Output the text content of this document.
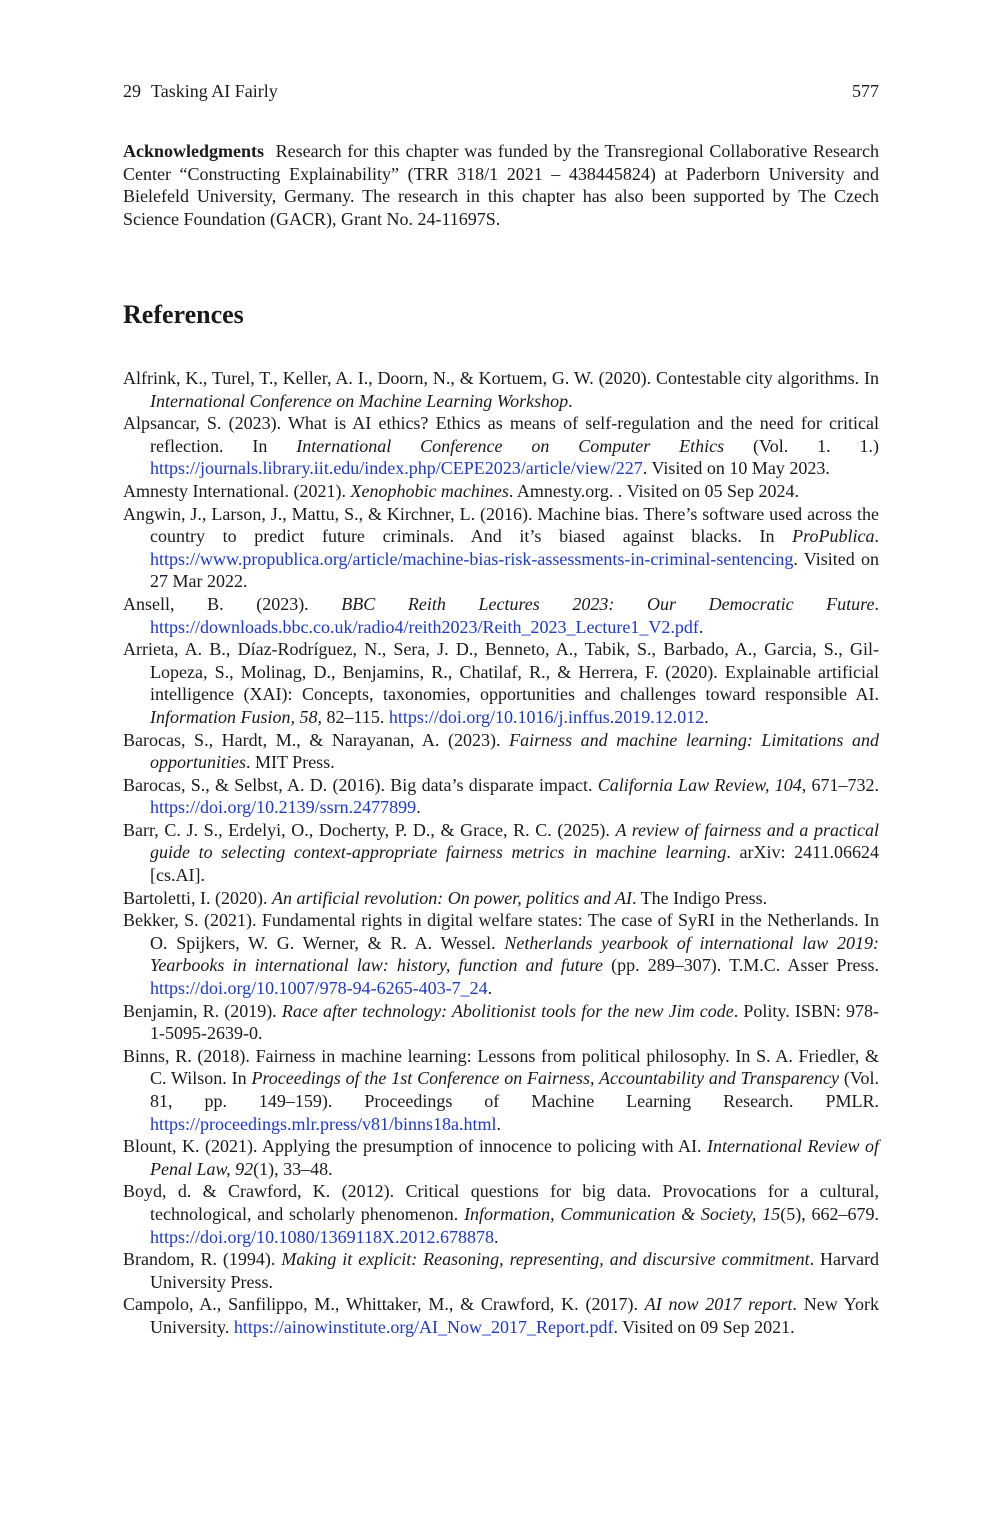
29 Tasking AI Fairly	577
Acknowledgments Research for this chapter was funded by the Transregional Collaborative Research Center “Constructing Explainability” (TRR 318/1 2021 – 438445824) at Paderborn University and Bielefeld University, Germany. The research in this chapter has also been supported by The Czech Science Foundation (GACR), Grant No. 24-11697S.
References
Alfrink, K., Turel, T., Keller, A. I., Doorn, N., & Kortuem, G. W. (2020). Contestable city algorithms. In International Conference on Machine Learning Workshop.
Alpsancar, S. (2023). What is AI ethics? Ethics as means of self-regulation and the need for critical reflection. In International Conference on Computer Ethics (Vol. 1. 1.) https://journals.library.iit.edu/index.php/CEPE2023/article/view/227. Visited on 10 May 2023.
Amnesty International. (2021). Xenophobic machines. Amnesty.org. . Visited on 05 Sep 2024.
Angwin, J., Larson, J., Mattu, S., & Kirchner, L. (2016). Machine bias. There’s software used across the country to predict future criminals. And it’s biased against blacks. In ProPublica. https://www.propublica.org/article/machine-bias-risk-assessments-in-criminal-sentencing. Visited on 27 Mar 2022.
Ansell, B. (2023). BBC Reith Lectures 2023: Our Democratic Future. https://downloads.bbc.co.uk/radio4/reith2023/Reith_2023_Lecture1_V2.pdf.
Arrieta, A. B., Díaz-Rodríguez, N., Sera, J. D., Benneto, A., Tabik, S., Barbado, A., Garcia, S., Gil-Lopeza, S., Molinag, D., Benjamins, R., Chatilaf, R., & Herrera, F. (2020). Explainable artificial intelligence (XAI): Concepts, taxonomies, opportunities and challenges toward responsible AI. Information Fusion, 58, 82–115. https://doi.org/10.1016/j.inffus.2019.12.012.
Barocas, S., Hardt, M., & Narayanan, A. (2023). Fairness and machine learning: Limitations and opportunities. MIT Press.
Barocas, S., & Selbst, A. D. (2016). Big data’s disparate impact. California Law Review, 104, 671–732. https://doi.org/10.2139/ssrn.2477899.
Barr, C. J. S., Erdelyi, O., Docherty, P. D., & Grace, R. C. (2025). A review of fairness and a practical guide to selecting context-appropriate fairness metrics in machine learning. arXiv: 2411.06624 [cs.AI].
Bartoletti, I. (2020). An artificial revolution: On power, politics and AI. The Indigo Press.
Bekker, S. (2021). Fundamental rights in digital welfare states: The case of SyRI in the Netherlands. In O. Spijkers, W. G. Werner, & R. A. Wessel. Netherlands yearbook of international law 2019: Yearbooks in international law: history, function and future (pp. 289–307). T.M.C. Asser Press. https://doi.org/10.1007/978-94-6265-403-7_24.
Benjamin, R. (2019). Race after technology: Abolitionist tools for the new Jim code. Polity. ISBN: 978-1-5095-2639-0.
Binns, R. (2018). Fairness in machine learning: Lessons from political philosophy. In S. A. Friedler, & C. Wilson. In Proceedings of the 1st Conference on Fairness, Accountability and Transparency (Vol. 81, pp. 149–159). Proceedings of Machine Learning Research. PMLR. https://proceedings.mlr.press/v81/binns18a.html.
Blount, K. (2021). Applying the presumption of innocence to policing with AI. International Review of Penal Law, 92(1), 33–48.
Boyd, d. & Crawford, K. (2012). Critical questions for big data. Provocations for a cultural, technological, and scholarly phenomenon. Information, Communication & Society, 15(5), 662–679. https://doi.org/10.1080/1369118X.2012.678878.
Brandom, R. (1994). Making it explicit: Reasoning, representing, and discursive commitment. Harvard University Press.
Campolo, A., Sanfilippo, M., Whittaker, M., & Crawford, K. (2017). AI now 2017 report. New York University. https://ainowinstitute.org/AI_Now_2017_Report.pdf. Visited on 09 Sep 2021.
